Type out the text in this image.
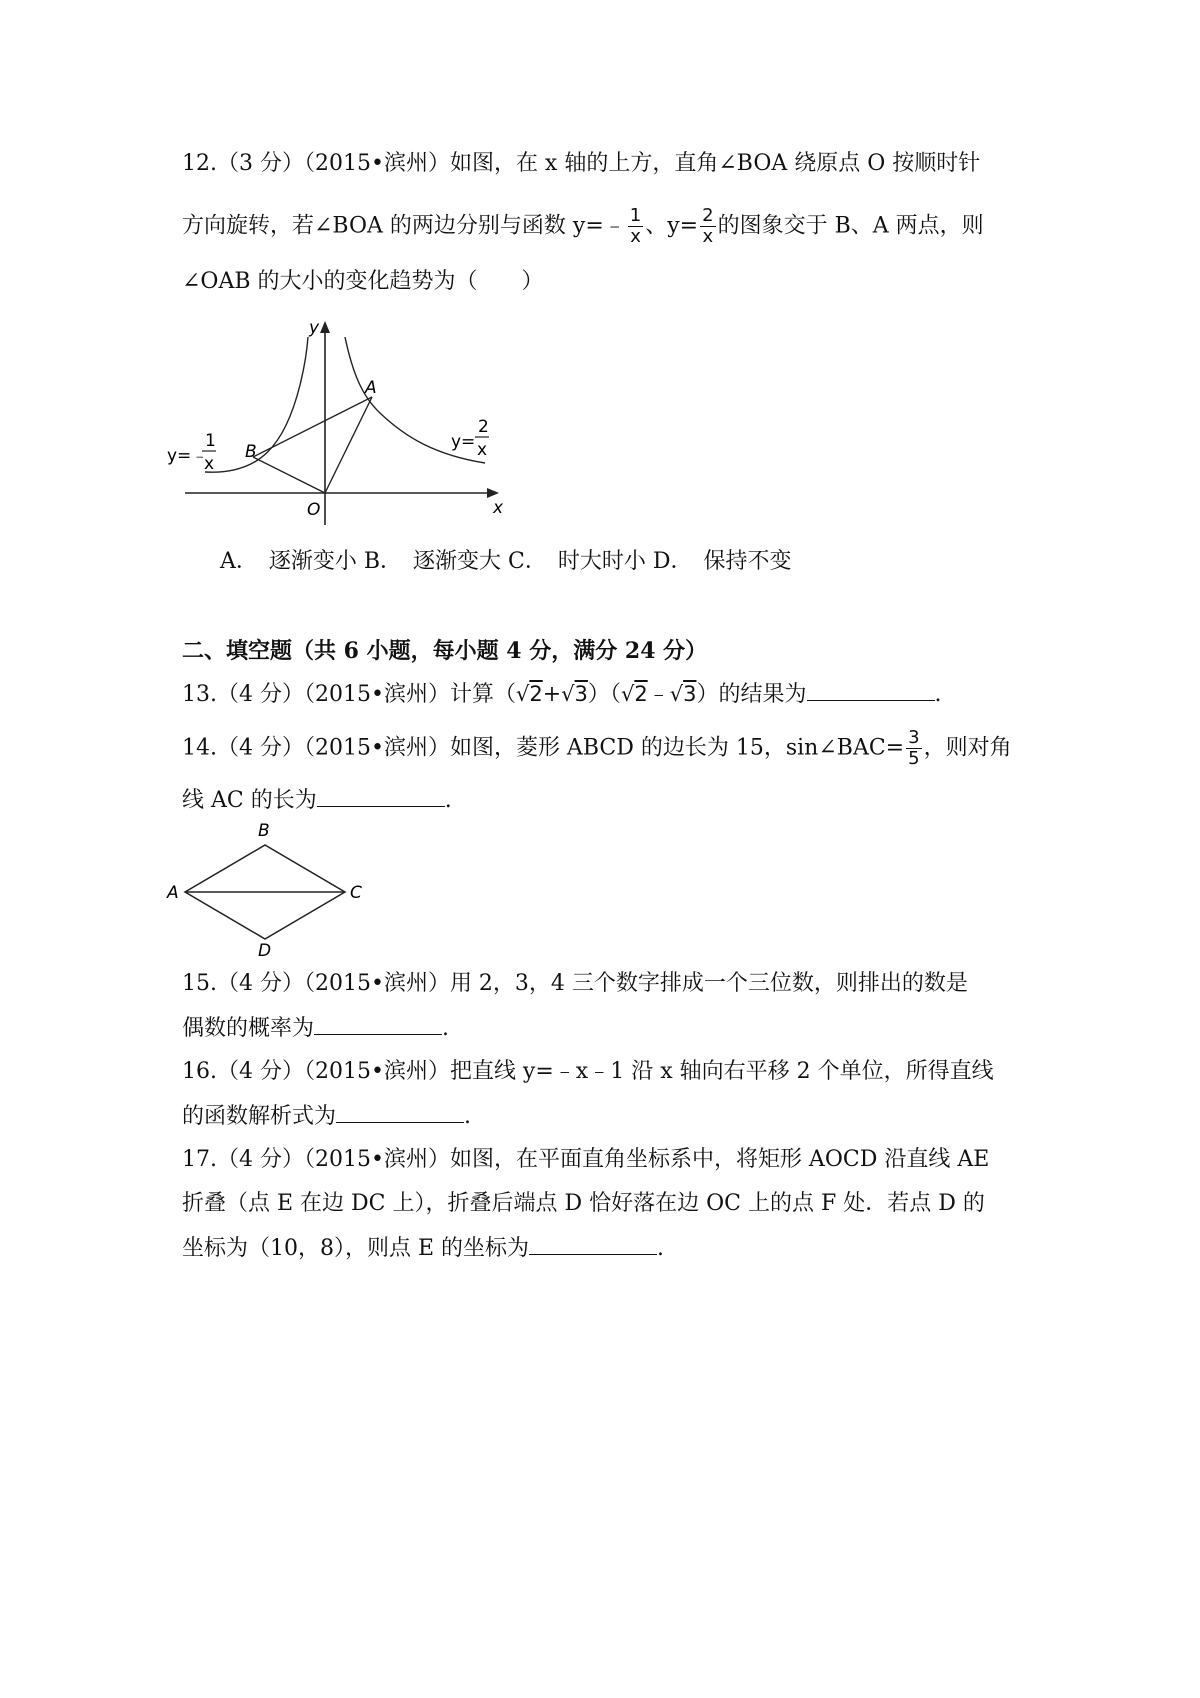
12.（3 分）（2015•滨州）如图，在 x 轴的上方，直角∠BOA 绕原点 O 按顺时针
方向旋转，若∠BOA 的两边分别与函数 y=﹣ $\frac{1}{x}$ 、$y= \frac{2}{x}$ 的图象交于 B、A 两点，则
∠OAB 的大小的变化趋势为（　　）
y
x
O
A
B
y=﹣
1
x
y=
2
x
A．　逐渐变小 B．　逐渐变大 C．　时大时小 D．　保持不变
二、填空题（共 6 小题，每小题 4 分，满分 24 分）
13.（4 分）（2015•滨州）计算（√2+√3）（√2﹣√3）的结果为	.
14.（4 分）（2015•滨州）如图，菱形 ABCD 的边长为 15，sin∠BAC= $\frac{3}{5}$ ，则对角
线 AC 的长为	.
B
A	C
D
15.（4 分）（2015•滨州）用 2，3，4 三个数字排成一个三位数，则排出的数是
偶数的概率为	.
16.（4 分）（2015•滨州）把直线 y=﹣x﹣1 沿 x 轴向右平移 2 个单位，所得直线
的函数解析式为	.
17.（4 分）（2015•滨州）如图，在平面直角坐标系中，将矩形 AOCD 沿直线 AE
折叠（点 E 在边 DC 上），折叠后端点 D 恰好落在边 OC 上的点 F 处．若点 D 的
坐标为（10，8），则点 E 的坐标为	.
